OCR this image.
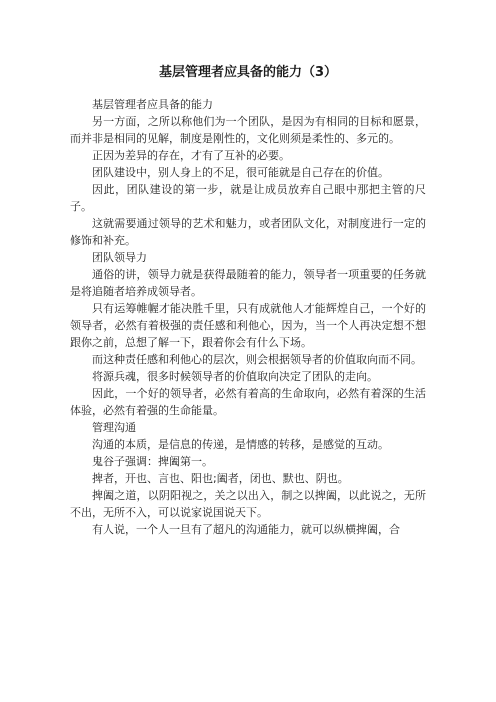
基层管理者应具备的能力（3）

基层管理者应具备的能力

另一方面，之所以称他们为一个团队，是因为有相同的目标和愿景，而并非是相同的见解，制度是刚性的，文化则须是柔性的、多元的。

正因为差异的存在，才有了互补的必要。

团队建设中，别人身上的不足，很可能就是自己存在的价值。

因此，团队建设的第一步，就是让成员放弃自己眼中那把主管的尺子。

这就需要通过领导的艺术和魅力，或者团队文化，对制度进行一定的修饰和补充。

团队领导力

通俗的讲，领导力就是获得最随着的能力，领导者一项重要的任务就是将追随者培养成领导者。

只有运筹帷幄才能决胜千里，只有成就他人才能辉煌自己，一个好的领导者，必然有着极强的责任感和利他心，因为，当一个人再决定想不想跟你之前，总想了解一下，跟着你会有什么下场。

而这种责任感和利他心的层次，则会根据领导者的价值取向而不同。

将源兵魂，很多时候领导者的价值取向决定了团队的走向。

因此，一个好的领导者，必然有着高的生命取向，必然有着深的生活体验，必然有着强的生命能量。

管理沟通

沟通的本质，是信息的传递，是情感的转移，是感觉的互动。

鬼谷子强调：捭阖第一。

捭者，开也、言也、阳也;阖者，闭也、默也、阴也。

捭阖之道，以阴阳视之，关之以出入，制之以捭阖，以此说之，无所不出，无所不入，可以说家说国说天下。

有人说，一个人一旦有了超凡的沟通能力，就可以纵横捭阖，合
